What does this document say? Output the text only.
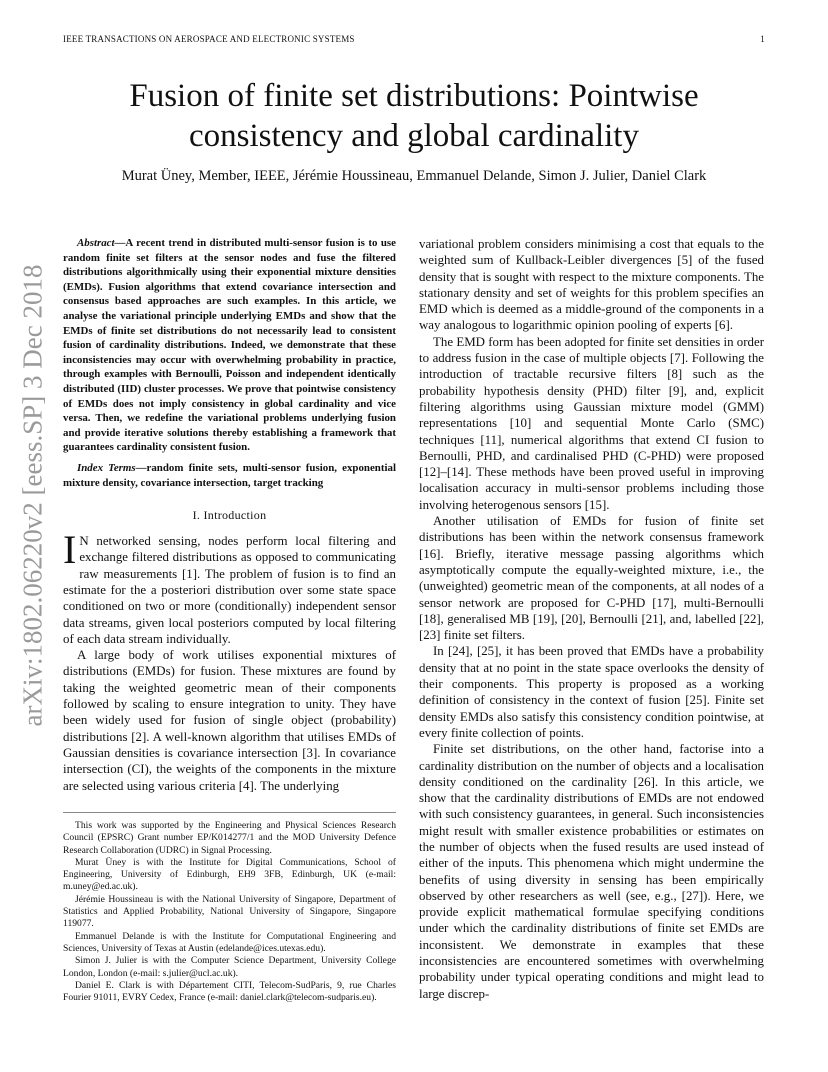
IEEE TRANSACTIONS ON AEROSPACE AND ELECTRONIC SYSTEMS	1
arXiv:1802.06220v2 [eess.SP] 3 Dec 2018
Fusion of finite set distributions: Pointwise
consistency and global cardinality
Murat Üney, Member, IEEE, Jérémie Houssineau, Emmanuel Delande, Simon J. Julier, Daniel Clark

Abstract—A recent trend in distributed multi-sensor fusion is to use random finite set filters at the sensor nodes and fuse the filtered distributions algorithmically using their exponential mixture densities (EMDs). Fusion algorithms that extend covariance intersection and consensus based approaches are such examples. In this article, we analyse the variational principle underlying EMDs and show that the EMDs of finite set distributions do not necessarily lead to consistent fusion of cardinality distributions. Indeed, we demonstrate that these inconsistencies may occur with overwhelming probability in practice, through examples with Bernoulli, Poisson and independent identically distributed (IID) cluster processes. We prove that pointwise consistency of EMDs does not imply consistency in global cardinality and vice versa. Then, we redefine the variational problems underlying fusion and provide iterative solutions thereby establishing a framework that guarantees cardinality consistent fusion.

Index Terms—random finite sets, multi-sensor fusion, exponential mixture density, covariance intersection, target tracking

I. Introduction

I N networked sensing, nodes perform local filtering and exchange filtered distributions as opposed to communicating raw measurements [1]. The problem of fusion is to find an estimate for the a posteriori distribution over some state space conditioned on two or more (conditionally) independent sensor data streams, given local posteriors computed by local filtering of each data stream individually.

A large body of work utilises exponential mixtures of distributions (EMDs) for fusion. These mixtures are found by taking the weighted geometric mean of their components followed by scaling to ensure integration to unity. They have been widely used for fusion of single object (probability) distributions [2]. A well-known algorithm that utilises EMDs of Gaussian densities is covariance intersection [3]. In covariance intersection (CI), the weights of the components in the mixture are selected using various criteria [4]. The underlying

This work was supported by the Engineering and Physical Sciences Research Council (EPSRC) Grant number EP/K014277/1 and the MOD University Defence Research Collaboration (UDRC) in Signal Processing.

Murat Üney is with the Institute for Digital Communications, School of Engineering, University of Edinburgh, EH9 3FB, Edinburgh, UK (e-mail: m.uney@ed.ac.uk).

Jérémie Houssineau is with the National University of Singapore, Department of Statistics and Applied Probability, National University of Singapore, Singapore 119077.

Emmanuel Delande is with the Institute for Computational Engineering and Sciences, University of Texas at Austin (edelande@ices.utexas.edu).

Simon J. Julier is with the Computer Science Department, University College London, London (e-mail: s.julier@ucl.ac.uk).

Daniel E. Clark is with Département CITI, Telecom-SudParis, 9, rue Charles Fourier 91011, EVRY Cedex, France (e-mail: daniel.clark@telecom-sudparis.eu).

variational problem considers minimising a cost that equals to the weighted sum of Kullback-Leibler divergences [5] of the fused density that is sought with respect to the mixture components. The stationary density and set of weights for this problem specifies an EMD which is deemed as a middle-ground of the components in a way analogous to logarithmic opinion pooling of experts [6].

The EMD form has been adopted for finite set densities in order to address fusion in the case of multiple objects [7]. Following the introduction of tractable recursive filters [8] such as the probability hypothesis density (PHD) filter [9], and, explicit filtering algorithms using Gaussian mixture model (GMM) representations [10] and sequential Monte Carlo (SMC) techniques [11], numerical algorithms that extend CI fusion to Bernoulli, PHD, and cardinalised PHD (C-PHD) were proposed [12]–[14]. These methods have been proved useful in improving localisation accuracy in multi-sensor problems including those involving heterogenous sensors [15].

Another utilisation of EMDs for fusion of finite set distributions has been within the network consensus framework [16]. Briefly, iterative message passing algorithms which asymptotically compute the equally-weighted mixture, i.e., the (unweighted) geometric mean of the components, at all nodes of a sensor network are proposed for C-PHD [17], multi-Bernoulli [18], generalised MB [19], [20], Bernoulli [21], and, labelled [22], [23] finite set filters.

In [24], [25], it has been proved that EMDs have a probability density that at no point in the state space overlooks the density of their components. This property is proposed as a working definition of consistency in the context of fusion [25]. Finite set density EMDs also satisfy this consistency condition pointwise, at every finite collection of points.

Finite set distributions, on the other hand, factorise into a cardinality distribution on the number of objects and a localisation density conditioned on the cardinality [26]. In this article, we show that the cardinality distributions of EMDs are not endowed with such consistency guarantees, in general. Such inconsistencies might result with smaller existence probabilities or estimates on the number of objects when the fused results are used instead of either of the inputs. This phenomena which might undermine the benefits of using diversity in sensing has been empirically observed by other researchers as well (see, e.g., [27]). Here, we provide explicit mathematical formulae specifying conditions under which the cardinality distributions of finite set EMDs are inconsistent. We demonstrate in examples that these inconsistencies are encountered sometimes with overwhelming probability under typical operating conditions and might lead to large discrep-
